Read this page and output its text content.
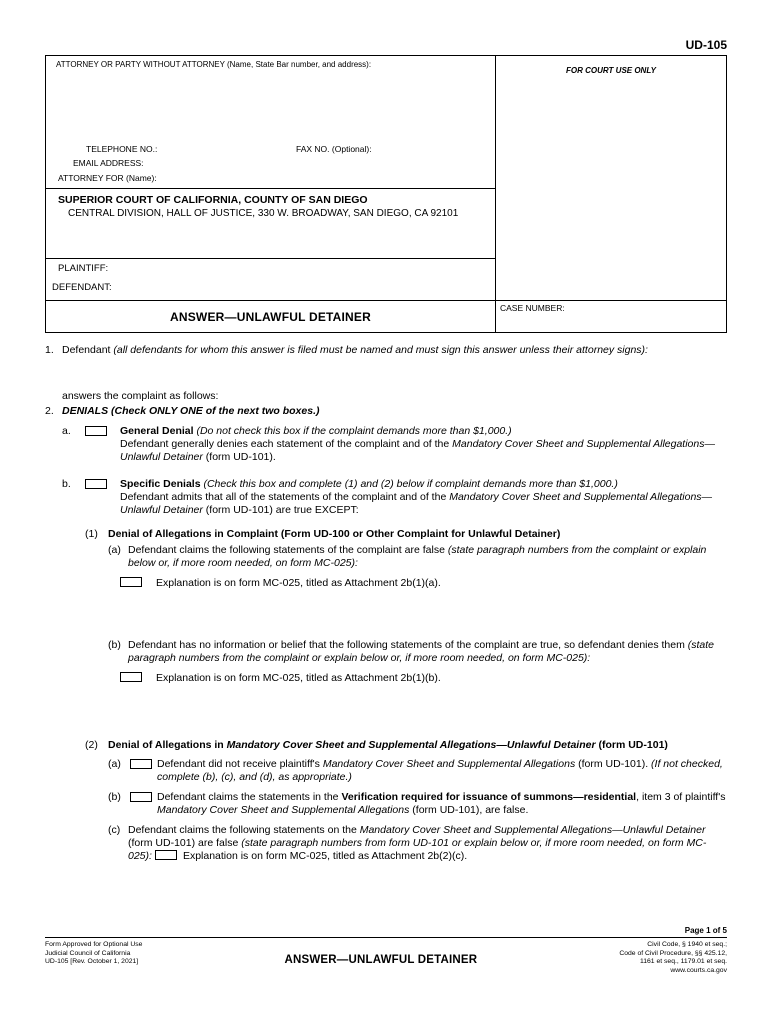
UD-105
ATTORNEY OR PARTY WITHOUT ATTORNEY (Name, State Bar number, and address):
TELEPHONE NO.:	FAX NO. (Optional):
EMAIL ADDRESS:
ATTORNEY FOR (Name):
SUPERIOR COURT OF CALIFORNIA, COUNTY OF SAN DIEGO
CENTRAL DIVISION, HALL OF JUSTICE, 330 W. BROADWAY, SAN DIEGO, CA 92101
PLAINTIFF:
DEFENDANT:
ANSWER—UNLAWFUL DETAINER
FOR COURT USE ONLY
CASE NUMBER:
1. Defendant (all defendants for whom this answer is filed must be named and must sign this answer unless their attorney signs):
answers the complaint as follows:
2. DENIALS (Check ONLY ONE of the next two boxes.)
a.	General Denial (Do not check this box if the complaint demands more than $1,000.)
Defendant generally denies each statement of the complaint and of the Mandatory Cover Sheet and Supplemental Allegations—Unlawful Detainer (form UD-101).
b.	Specific Denials (Check this box and complete (1) and (2) below if complaint demands more than $1,000.)
Defendant admits that all of the statements of the complaint and of the Mandatory Cover Sheet and Supplemental Allegations—Unlawful Detainer (form UD-101) are true EXCEPT:
(1) Denial of Allegations in Complaint (Form UD-100 or Other Complaint for Unlawful Detainer)
(a) Defendant claims the following statements of the complaint are false (state paragraph numbers from the complaint or explain below or, if more room needed, on form MC-025):
Explanation is on form MC-025, titled as Attachment 2b(1)(a).
(b) Defendant has no information or belief that the following statements of the complaint are true, so defendant denies them (state paragraph numbers from the complaint or explain below or, if more room needed, on form MC-025):
Explanation is on form MC-025, titled as Attachment 2b(1)(b).
(2) Denial of Allegations in Mandatory Cover Sheet and Supplemental Allegations—Unlawful Detainer (form UD-101)
(a)	Defendant did not receive plaintiff's Mandatory Cover Sheet and Supplemental Allegations (form UD-101). (If not checked, complete (b), (c), and (d), as appropriate.)
(b)	Defendant claims the statements in the Verification required for issuance of summons—residential, item 3 of plaintiff's Mandatory Cover Sheet and Supplemental Allegations (form UD-101), are false.
(c) Defendant claims the following statements on the Mandatory Cover Sheet and Supplemental Allegations—Unlawful Detainer (form UD-101) are false (state paragraph numbers from form UD-101 or explain below or, if more room needed, on form MC-025):	Explanation is on form MC-025, titled as Attachment 2b(2)(c).
Page 1 of 5
Form Approved for Optional Use
Judicial Council of California
UD-105 [Rev. October 1, 2021]	ANSWER—UNLAWFUL DETAINER
Civil Code, § 1940 et seq.;
Code of Civil Procedure, §§ 425.12,
1161 et seq., 1179.01 et seq.
www.courts.ca.gov
